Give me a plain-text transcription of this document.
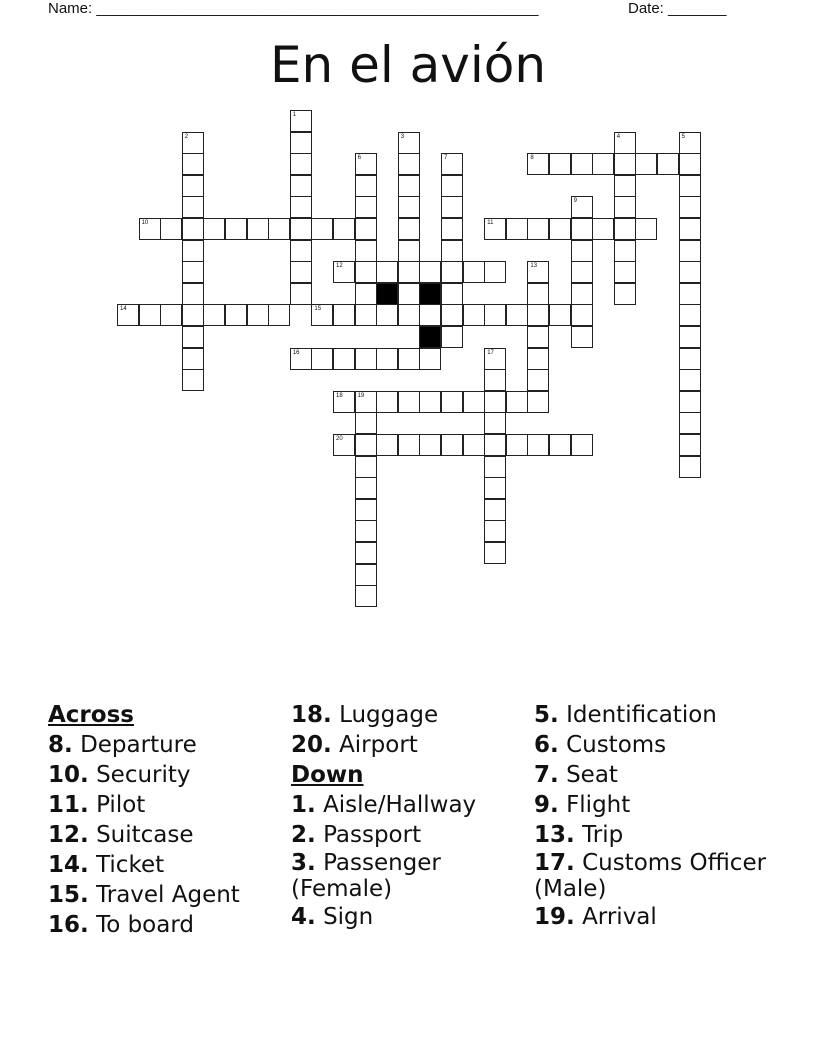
Name: _____________________________________________________	Date: _______
En el avión
8
10	11
12
14	15
16
18 19
20
1
2	3	4	5
6	7
9
13
17
Across
8. Departure
10. Security
11. Pilot
12. Suitcase
14. Ticket
15. Travel Agent
16. To board
18. Luggage
20. Airport
Down
1. Aisle/Hallway
2. Passport
3. Passenger (Female)
4. Sign
5. Identification
6. Customs
7. Seat
9. Flight
13. Trip
17. Customs Officer (Male)
19. Arrival
